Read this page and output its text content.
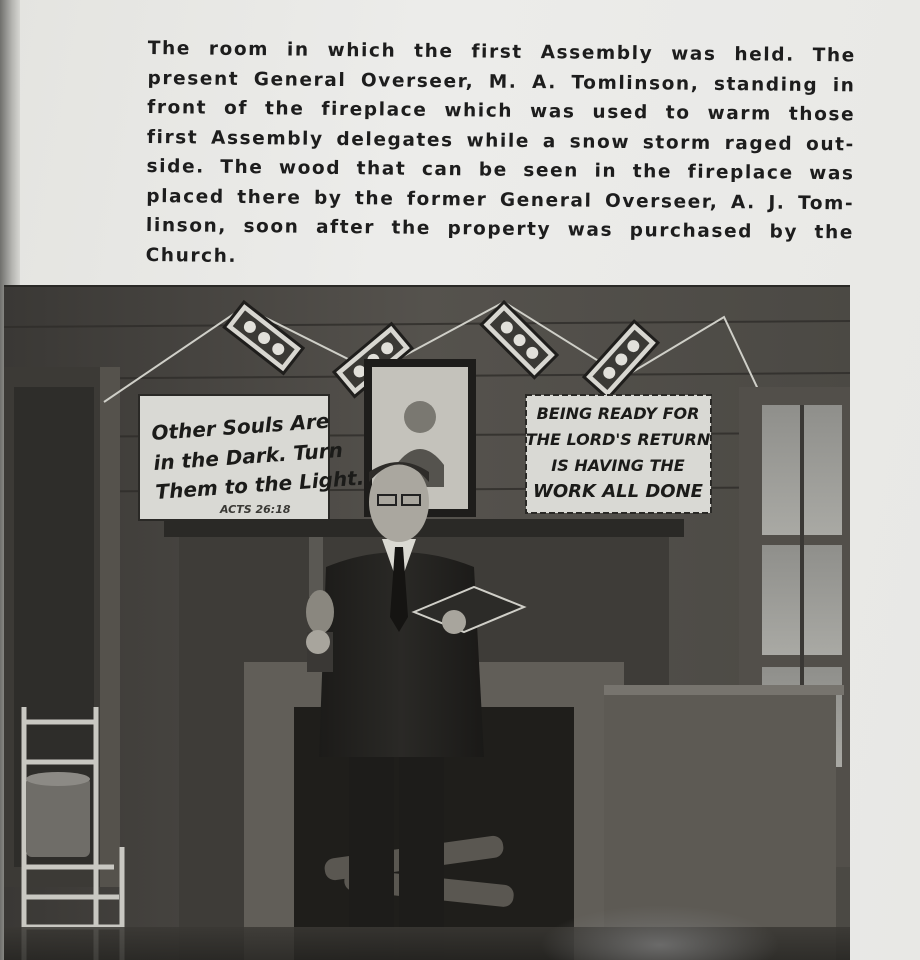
The room in which the first Assembly was held. The
present General Overseer, M. A. Tomlinson, standing in
front of the fireplace which was used to warm those
first Assembly delegates while a snow storm raged out-
side. The wood that can be seen in the fireplace was
placed there by the former General Overseer, A. J. Tom-
linson, soon after the property was purchased by the
Church.
Other Souls Are
in the Dark. Turn
Them to the Light.
ACTS 26:18
BEING READY FOR
THE LORD'S RETURN
IS HAVING THE
WORK ALL DONE
